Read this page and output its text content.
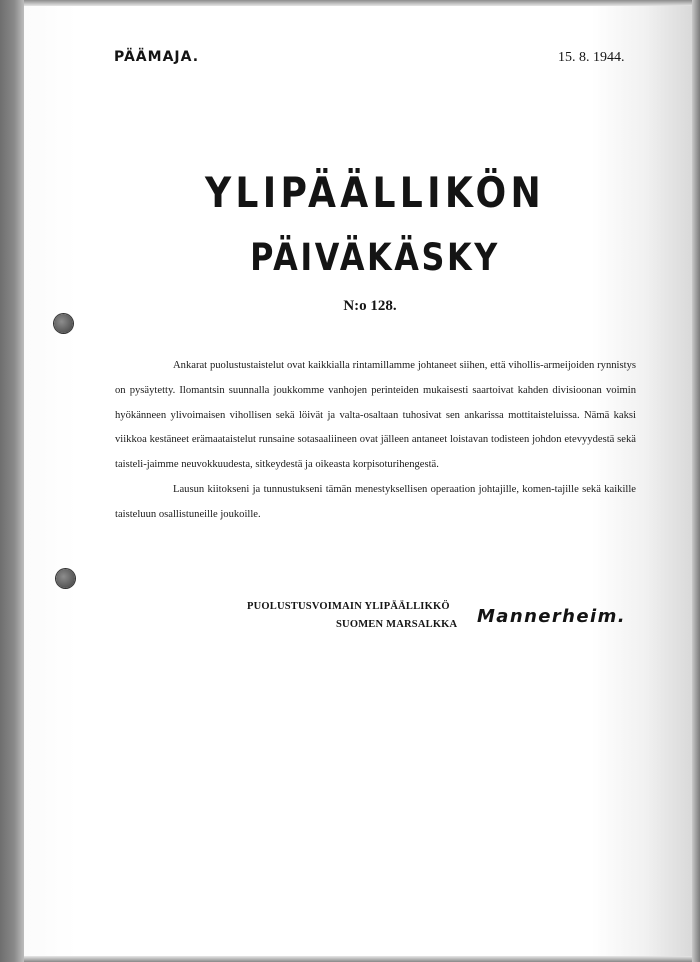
PÄÄMAJA.	15. 8. 1944.
YLIPÄÄLLIKÖN
PÄIVÄKÄSKY
N:o 128.

Ankarat puolustustaistelut ovat kaikkialla rintamillamme johtaneet siihen, että vihollis-armeijoiden rynnistys on pysäytetty. Ilomantsin suunnalla joukkomme vanhojen perinteiden mukaisesti saartoivat kahden divisioonan voimin hyökänneen ylivoimaisen vihollisen sekä löivät ja valta-osaltaan tuhosivat sen ankarissa mottitaisteluissa. Nämä kaksi viikkoa kestäneet erämaataistelut runsaine sotasaaliineen ovat jälleen antaneet loistavan todisteen johdon etevyydestä sekä taisteli-jaimme neuvokkuudesta, sitkeydestä ja oikeasta korpisoturihengestä.

Lausun kiitokseni ja tunnustukseni tämän menestyksellisen operaation johtajille, komen-tajille sekä kaikille taisteluun osallistuneille joukoille.

PUOLUSTUSVOIMAIN YLIPÄÄLLIKKÖ
SUOMEN MARSALKKA Mannerheim.
